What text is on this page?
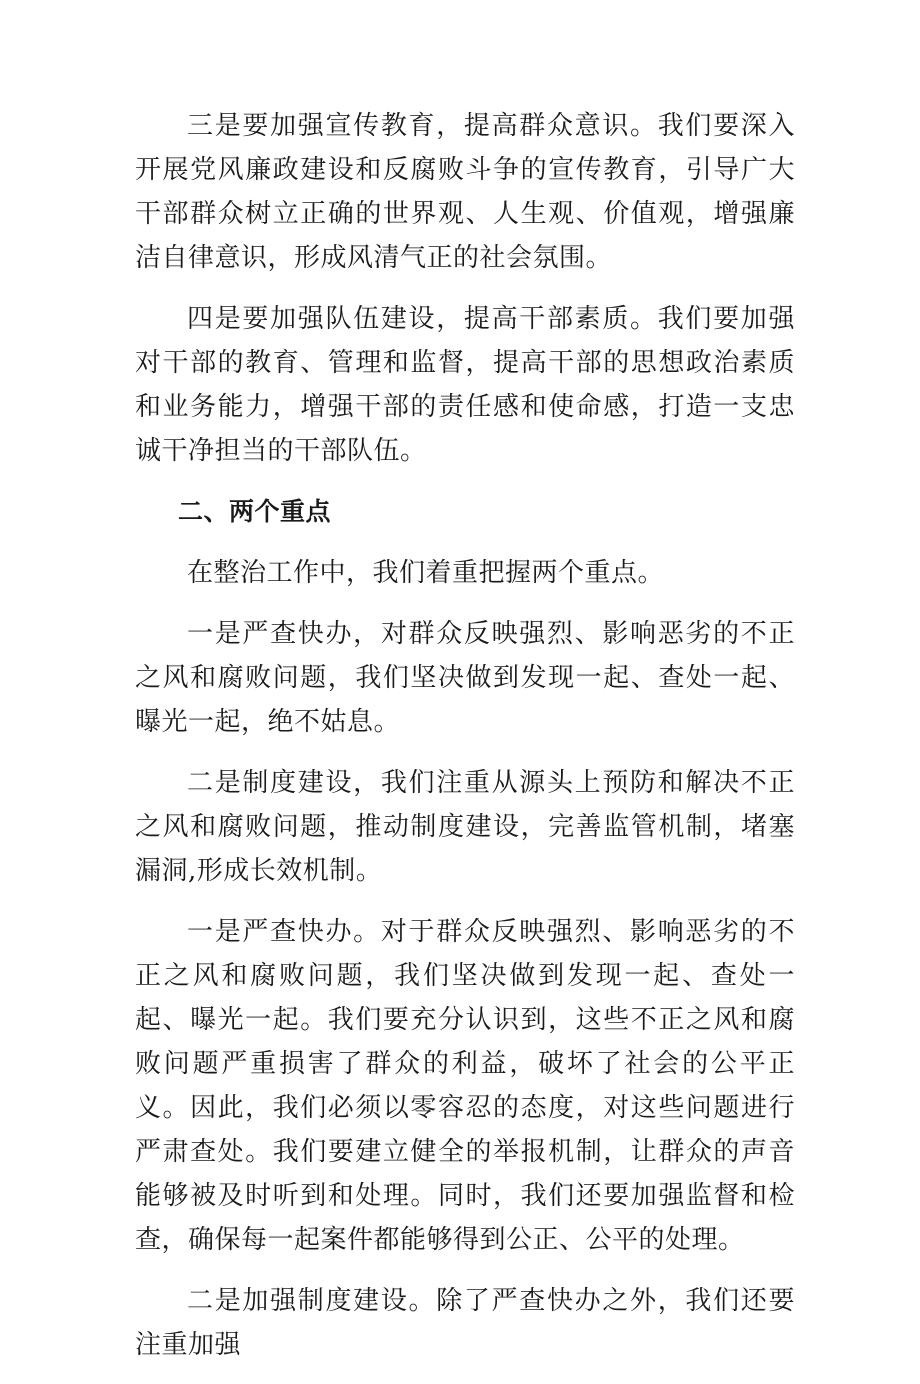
三是要加强宣传教育，提高群众意识。我们要深入开展党风廉政建设和反腐败斗争的宣传教育，引导广大干部群众树立正确的世界观、人生观、价值观，增强廉洁自律意识，形成风清气正的社会氛围。

四是要加强队伍建设，提高干部素质。我们要加强对干部的教育、管理和监督，提高干部的思想政治素质和业务能力，增强干部的责任感和使命感，打造一支忠诚干净担当的干部队伍。

二、两个重点

在整治工作中，我们着重把握两个重点。

一是严查快办，对群众反映强烈、影响恶劣的不正之风和腐败问题，我们坚决做到发现一起、查处一起、曝光一起，绝不姑息。

二是制度建设，我们注重从源头上预防和解决不正之风和腐败问题，推动制度建设，完善监管机制，堵塞漏洞,形成长效机制。

一是严查快办。对于群众反映强烈、影响恶劣的不正之风和腐败问题，我们坚决做到发现一起、查处一起、曝光一起。我们要充分认识到，这些不正之风和腐败问题严重损害了群众的利益，破坏了社会的公平正义。因此，我们必须以零容忍的态度，对这些问题进行严肃查处。我们要建立健全的举报机制，让群众的声音能够被及时听到和处理。同时，我们还要加强监督和检查，确保每一起案件都能够得到公正、公平的处理。

二是加强制度建设。除了严查快办之外，我们还要注重加强
